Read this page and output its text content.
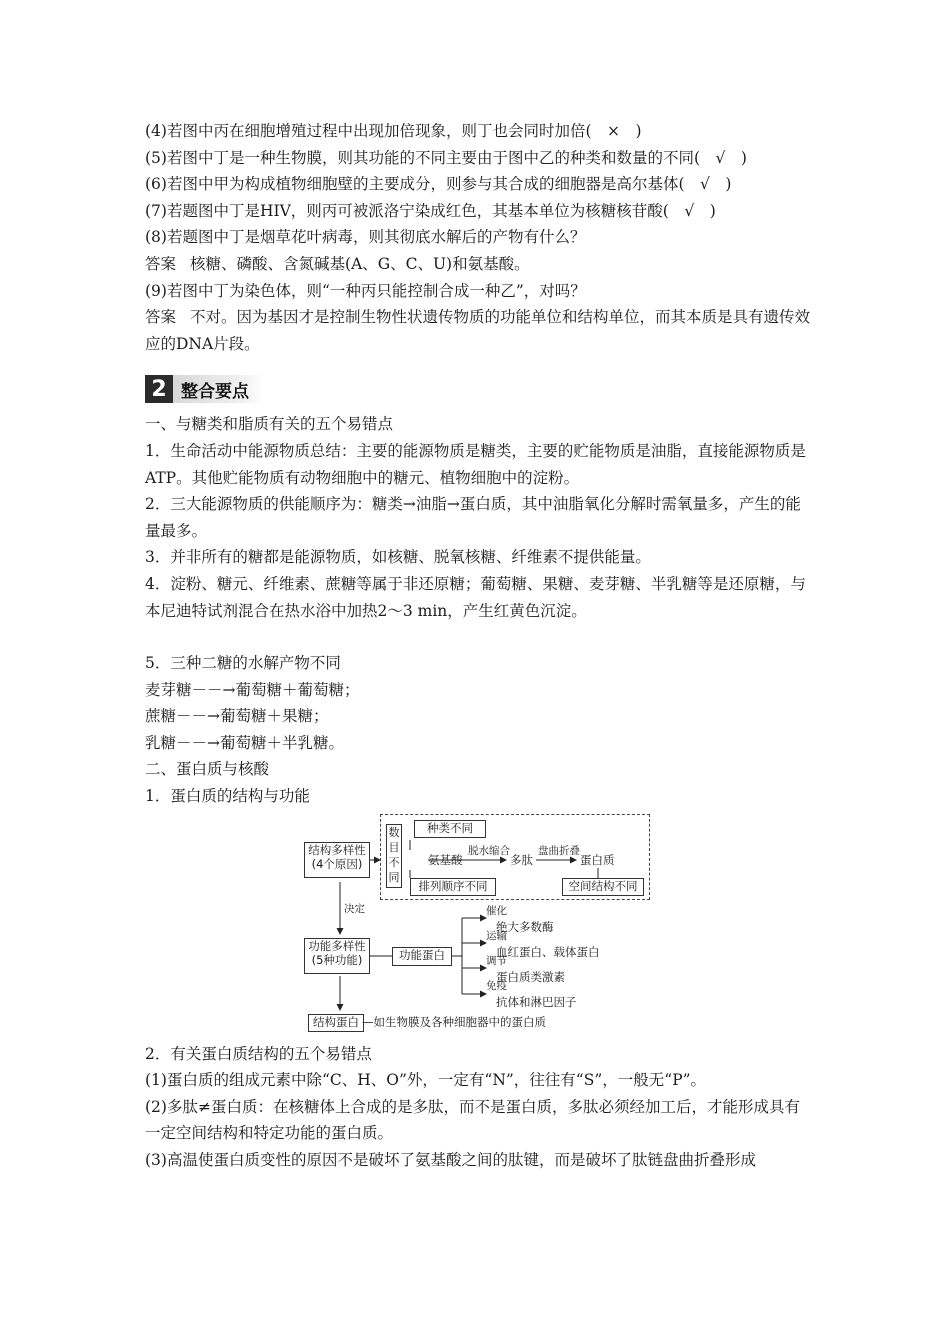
(4)若图中丙在细胞增殖过程中出现加倍现象，则丁也会同时加倍(　×　)
(5)若图中丁是一种生物膜，则其功能的不同主要由于图中乙的种类和数量的不同(　√　)
(6)若图中甲为构成植物细胞壁的主要成分，则参与其合成的细胞器是高尔基体(　√　)
(7)若题图中丁是HIV，则丙可被派洛宁染成红色，其基本单位为核糖核苷酸(　√　)
(8)若题图中丁是烟草花叶病毒，则其彻底水解后的产物有什么？
答案 核糖、磷酸、含氮碱基(A、G、C、U)和氨基酸。
(9)若图中丁为染色体，则“一种丙只能控制合成一种乙”，对吗？
答案 不对。因为基因才是控制生物性状遗传物质的功能单位和结构单位，而其本质是具有遗传效应的DNA片段。
2 整合要点
一、与糖类和脂质有关的五个易错点
1．生命活动中能源物质总结：主要的能源物质是糖类，主要的贮能物质是油脂，直接能源物质是ATP。其他贮能物质有动物细胞中的糖元、植物细胞中的淀粉。
2．三大能源物质的供能顺序为：糖类→油脂→蛋白质，其中油脂氧化分解时需氧量多，产生的能量最多。
3．并非所有的糖都是能源物质，如核糖、脱氧核糖、纤维素不提供能量。
4．淀粉、糖元、纤维素、蔗糖等属于非还原糖；葡萄糖、果糖、麦芽糖、半乳糖等是还原糖，与本尼迪特试剂混合在热水浴中加热2～3 min，产生红黄色沉淀。
5．三种二糖的水解产物不同
麦芽糖－－→葡萄糖＋葡萄糖；
蔗糖－－→葡萄糖＋果糖；
乳糖－－→葡萄糖＋半乳糖。
二、蛋白质与核酸
1．蛋白质的结构与功能
结构多样性
(4个原因)
数目不同
种类不同
氨基酸
脱水缩合
多肽
盘曲折叠
蛋白质
排列顺序不同	空间结构不同
决定
功能多样性
(5种功能)	功能蛋白
催化
绝大多数酶
运输
血红蛋白、载体蛋白
调节
蛋白质类激素
免疫
抗体和淋巴因子
结构蛋白 —如生物膜及各种细胞器中的蛋白质
2．有关蛋白质结构的五个易错点
(1)蛋白质的组成元素中除“C、H、O”外，一定有“N”，往往有“S”，一般无“P”。
(2)多肽≠蛋白质：在核糖体上合成的是多肽，而不是蛋白质，多肽必须经加工后，才能形成具有一定空间结构和特定功能的蛋白质。
(3)高温使蛋白质变性的原因不是破坏了氨基酸之间的肽键，而是破坏了肽链盘曲折叠形成
